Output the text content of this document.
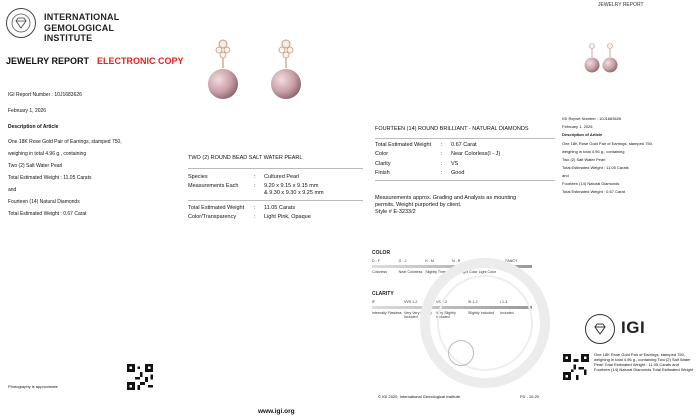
INTERNATIONAL
GEMOLOGICAL
INSTITUTE
JEWELRY REPORT ELECTRONIC COPY
JEWELRY REPORT
IGI Report Number : 10J1683626
February 1, 2026
Description of Article
One 18K Rose Gold Pair of Earrings, stamped 750,
weighing in total 4.96 g., containing
Two (2) Salt Water Pearl
Total Estimated Weight : 11.05 Carats
and
Fourteen (14) Natural Diamonds
Total Estimated Weight : 0.67 Carat
Photography is approximate
www.igi.org
TWO (2) ROUND BEAD SALT WATER PEARL
Species	:	Cultured Pearl
Measurements Each	:	9.20 x 9.15 x 9.15 mm
& 9.30 x 9.30 x 9.25 mm
Total Estimated Weight	:	11.05 Carats
Color/Transparency	:	Light Pink, Opaque
FOURTEEN (14) ROUND BRILLIANT - NATURAL DIAMONDS
Total Estimated Weight	:	0.67 Carat
Color	:	Near Colorless(I - J)
Clarity	:	VS
Finish	:	Good
Measurements approx. Grading and Analysis as mounting
permits. Weight purported by client.
Style # E-3233/2
COLOR
D - F	G - J	K - M	N - R	S - Z	FANCY
Colorless	Near Colorless Slightly Tinted	Very Light Color Light Color
CLARITY
IF	VVS 1-2	VS 1-2	SI 1-2	I 1-3
Internally Flawless Very Very Slightly Included
Very Slightly Included
Slightly Included	Included
© IGI 2020, International Gemological Institute	FD - 10.20
IGI Report Number : 10J1683626
February 1, 2026
Description of Article
One 18K Rose Gold Pair of Earrings, stamped 750,
weighing in total 4.96 g., containing
Two (2) Salt Water Pearl
Total Estimated Weight : 11.05 Carats
and
Fourteen (14) Natural Diamonds
Total Estimated Weight : 0.67 Carat
IGI
One 18K Rose Gold Pair of Earrings, stamped 750,
weighing in total 4.96 g., containing Two (2) Salt Water
Pearl Total Estimated Weight : 11.05 Carats and
Fourteen (14) Natural Diamonds Total Estimated Weight
